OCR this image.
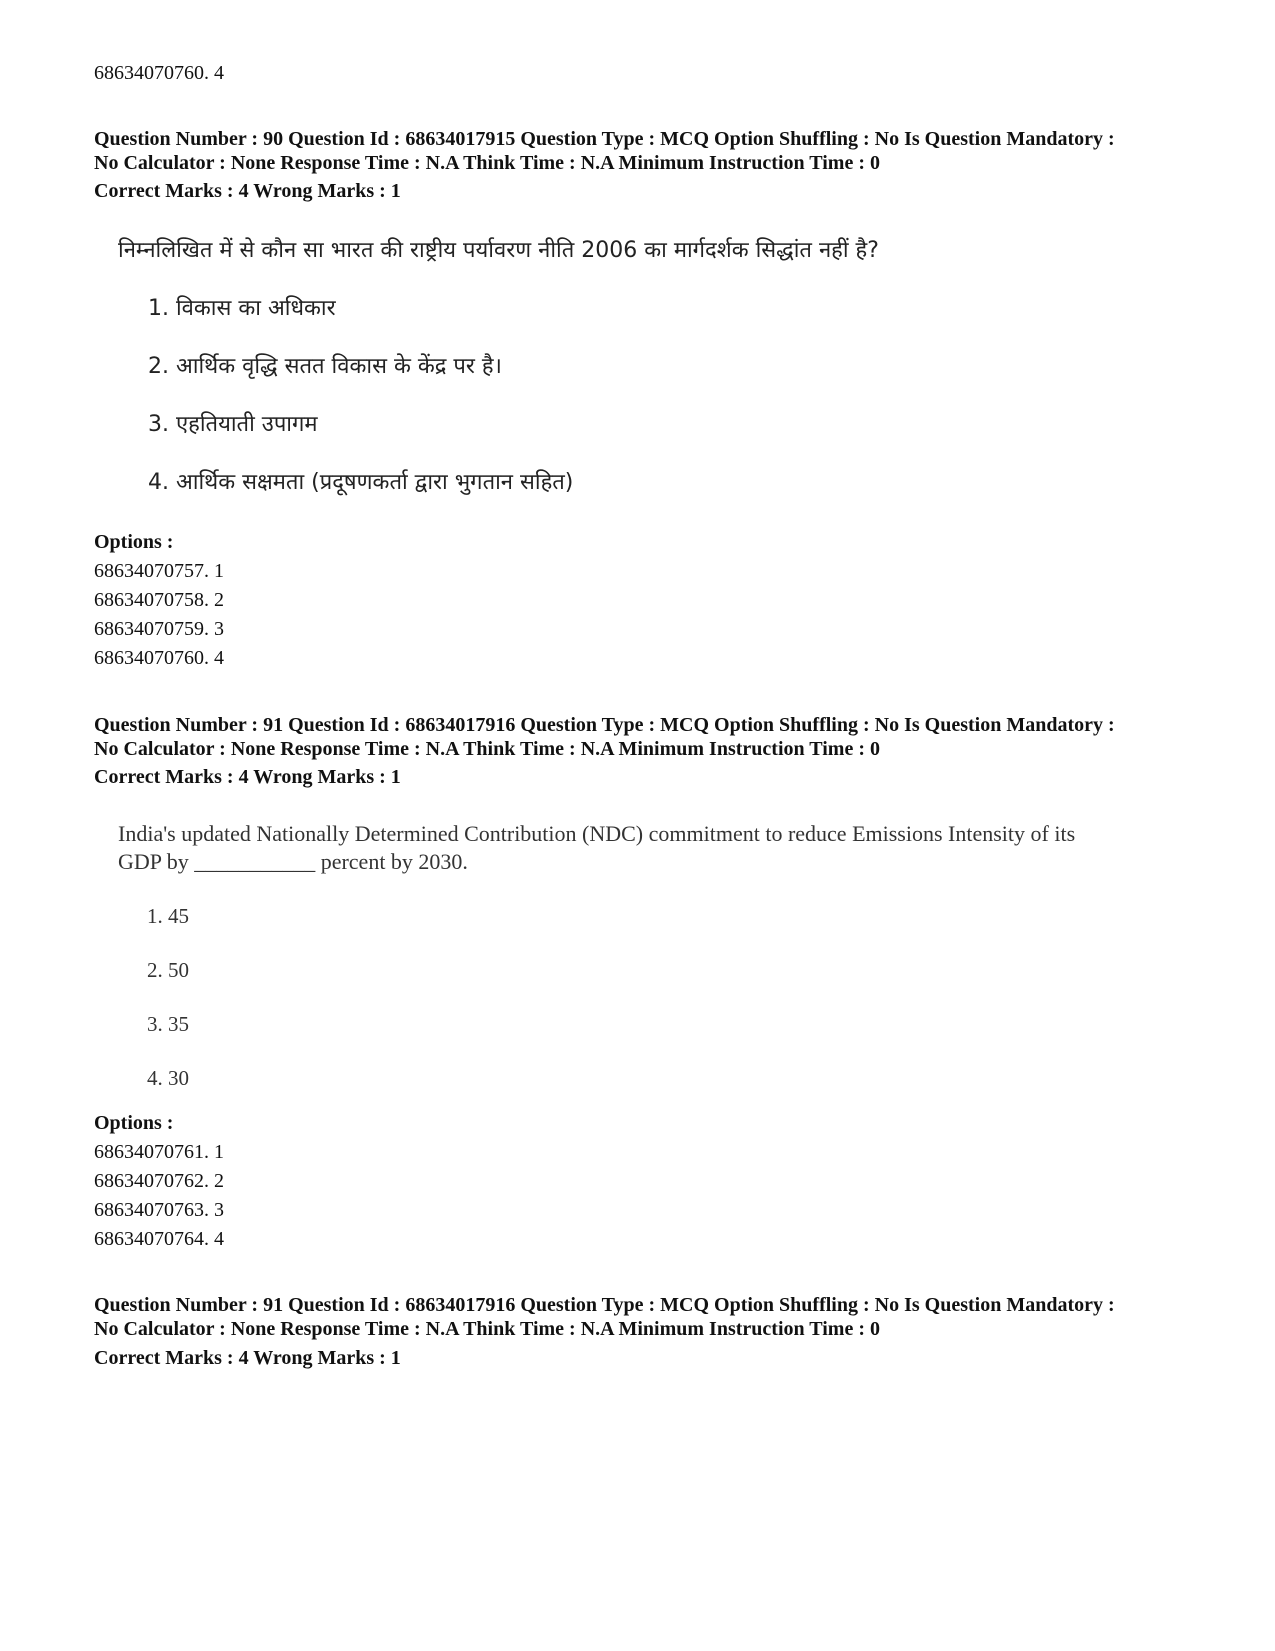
68634070760. 4
Question Number : 90 Question Id : 68634017915 Question Type : MCQ Option Shuffling : No Is Question Mandatory :
No Calculator : None Response Time : N.A Think Time : N.A Minimum Instruction Time : 0
Correct Marks : 4 Wrong Marks : 1
निम्नलिखित में से कौन सा भारत की राष्ट्रीय पर्यावरण नीति 2006 का मार्गदर्शक सिद्धांत नहीं है?
1. विकास का अधिकार
2. आर्थिक वृद्धि सतत विकास के केंद्र पर है।
3. एहतियाती उपागम
4. आर्थिक सक्षमता (प्रदूषणकर्ता द्वारा भुगतान सहित)
Options :
68634070757. 1
68634070758. 2
68634070759. 3
68634070760. 4
Question Number : 91 Question Id : 68634017916 Question Type : MCQ Option Shuffling : No Is Question Mandatory :
No Calculator : None Response Time : N.A Think Time : N.A Minimum Instruction Time : 0
Correct Marks : 4 Wrong Marks : 1
India's updated Nationally Determined Contribution (NDC) commitment to reduce Emissions Intensity of its
GDP by ___________ percent by 2030.
1. 45
2. 50
3. 35
4. 30
Options :
68634070761. 1
68634070762. 2
68634070763. 3
68634070764. 4
Question Number : 91 Question Id : 68634017916 Question Type : MCQ Option Shuffling : No Is Question Mandatory :
No Calculator : None Response Time : N.A Think Time : N.A Minimum Instruction Time : 0
Correct Marks : 4 Wrong Marks : 1
